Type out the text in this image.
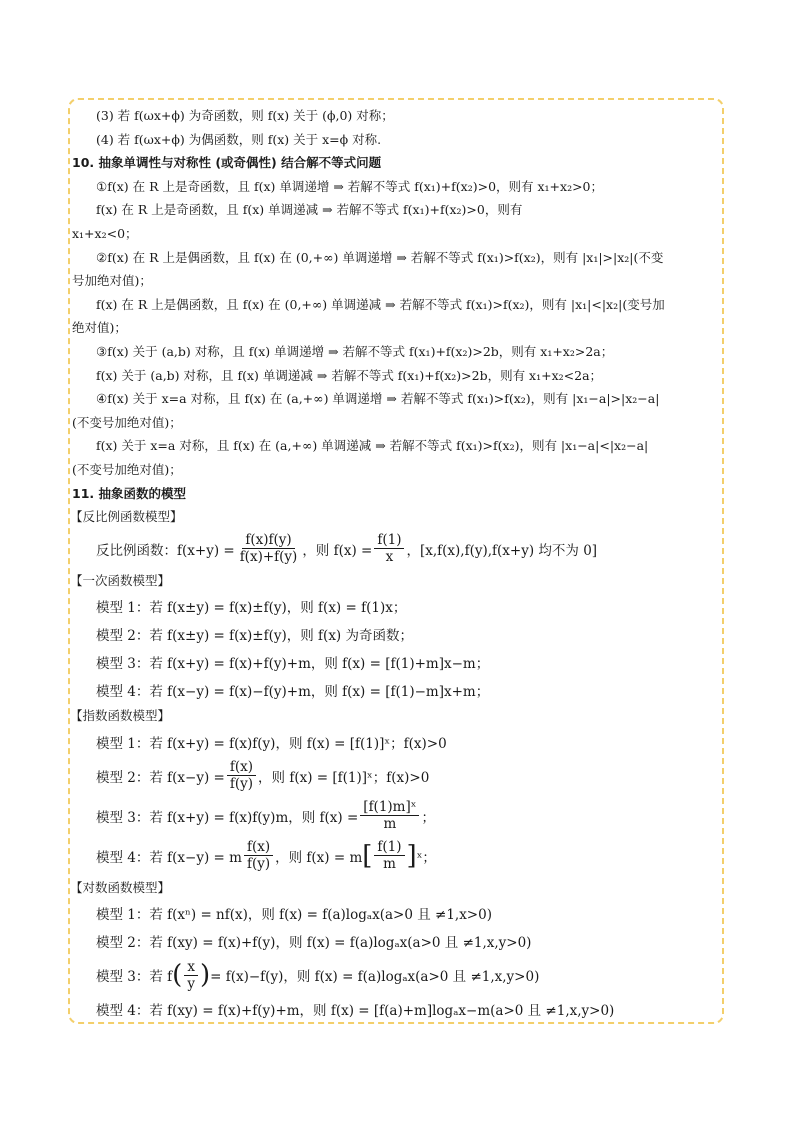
(3) 若 f(ωx+ϕ) 为奇函数，则 f(x) 关于 (ϕ,0) 对称；

(4) 若 f(ωx+ϕ) 为偶函数，则 f(x) 关于 x=ϕ 对称.

10. 抽象单调性与对称性 (或奇偶性) 结合解不等式问题

①f(x) 在 R 上是奇函数，且 f(x) 单调递增 ⇒ 若解不等式 f(x₁)+f(x₂)>0，则有 x₁+x₂>0；

f(x) 在 R 上是奇函数，且 f(x) 单调递减 ⇒ 若解不等式 f(x₁)+f(x₂)>0，则有

x₁+x₂<0；

②f(x) 在 R 上是偶函数，且 f(x) 在 (0,+∞) 单调递增 ⇒ 若解不等式 f(x₁)>f(x₂)，则有 |x₁|>|x₂|(不变

号加绝对值)；

f(x) 在 R 上是偶函数，且 f(x) 在 (0,+∞) 单调递减 ⇒ 若解不等式 f(x₁)>f(x₂)，则有 |x₁|<|x₂|(变号加

绝对值)；

③f(x) 关于 (a,b) 对称，且 f(x) 单调递增 ⇒ 若解不等式 f(x₁)+f(x₂)>2b，则有 x₁+x₂>2a；

f(x) 关于 (a,b) 对称，且 f(x) 单调递减 ⇒ 若解不等式 f(x₁)+f(x₂)>2b，则有 x₁+x₂<2a；

④f(x) 关于 x=a 对称，且 f(x) 在 (a,+∞) 单调递增 ⇒ 若解不等式 f(x₁)>f(x₂)，则有 |x₁−a|>|x₂−a|

(不变号加绝对值)；

f(x) 关于 x=a 对称，且 f(x) 在 (a,+∞) 单调递减 ⇒ 若解不等式 f(x₁)>f(x₂)，则有 |x₁−a|<|x₂−a|

(不变号加绝对值)；

11. 抽象函数的模型
【反比例函数模型】
反比例函数：$f(x+y) = \frac{f(x)f(y)}{f(x)+f(y)}$ ，则 $f(x) = \frac{f(1)}{x}$ ，[x,f(x),f(y),f(x+y) 均不为 0]
【一次函数模型】
模型 1：若 f(x±y) = f(x)±f(y)，则 f(x) = f(1)x；
模型 2：若 f(x±y) = f(x)±f(y)，则 f(x) 为奇函数；
模型 3：若 f(x+y) = f(x)+f(y)+m，则 f(x) = [f(1)+m]x−m；
模型 4：若 f(x−y) = f(x)−f(y)+m，则 f(x) = [f(1)−m]x+m；
【指数函数模型】
模型 1：若 f(x+y) = f(x)f(y)，则 f(x) = [f(1)]ˣ；f(x)>0
模型 2：若 $f(x-y) = \frac{f(x)}{f(y)}$ ，则 f(x) = [f(1)]ˣ；f(x)>0
模型 3：若 f(x+y) = f(x)f(y)m，则 $f(x) = \frac{\text{[f(1)m]ˣ}}{m}$ ；
模型 4：若 f(x−y) = m $\frac{f(x)}{f(y)}$ ，则 f(x) = m [ $\frac{f(1)}{m}$ ] ˣ；
【对数函数模型】
模型 1：若 f(xⁿ) = nf(x)，则 f(x) = f(a)logₐx(a>0 且 ≠1,x>0)
模型 2：若 f(xy) = f(x)+f(y)，则 f(x) = f(a)logₐx(a>0 且 ≠1,x,y>0)
模型 3：若 f ( $\frac{x}{y}$ ) = f(x)−f(y)，则 f(x) = f(a)logₐx(a>0 且 ≠1,x,y>0)
模型 4：若 f(xy) = f(x)+f(y)+m，则 f(x) = [f(a)+m]logₐx−m(a>0 且 ≠1,x,y>0)
